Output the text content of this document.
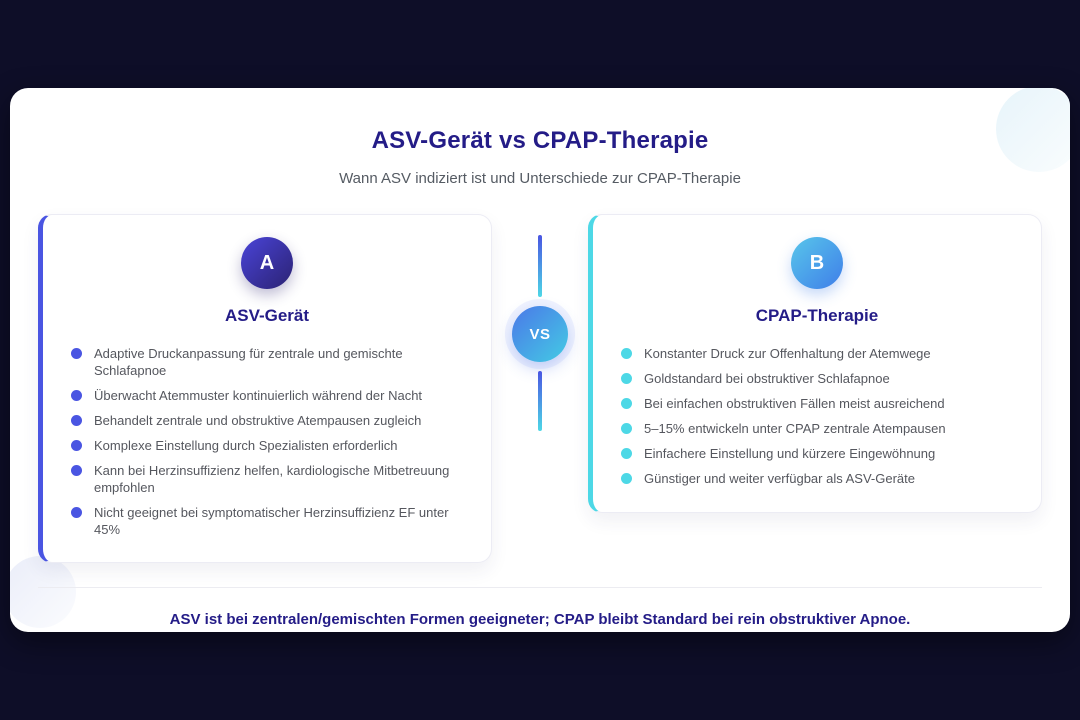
ASV-Gerät vs CPAP-Therapie

Wann ASV indiziert ist und Unterschiede zur CPAP-Therapie

A
ASV-Gerät
Adaptive Druckanpassung für zentrale und gemischte Schlafapnoe
Überwacht Atemmuster kontinuierlich während der Nacht
Behandelt zentrale und obstruktive Atempausen zugleich
Komplexe Einstellung durch Spezialisten erforderlich
Kann bei Herzinsuffizienz helfen, kardiologische Mitbetreuung empfohlen
Nicht geeignet bei symptomatischer Herzinsuffizienz EF unter 45%
VS
B
CPAP-Therapie
Konstanter Druck zur Offenhaltung der Atemwege
Goldstandard bei obstruktiver Schlafapnoe
Bei einfachen obstruktiven Fällen meist ausreichend
5–15% entwickeln unter CPAP zentrale Atempausen
Einfachere Einstellung und kürzere Eingewöhnung
Günstiger und weiter verfügbar als ASV-Geräte

ASV ist bei zentralen/gemischten Formen geeigneter; CPAP bleibt Standard bei rein obstruktiver Apnoe.
